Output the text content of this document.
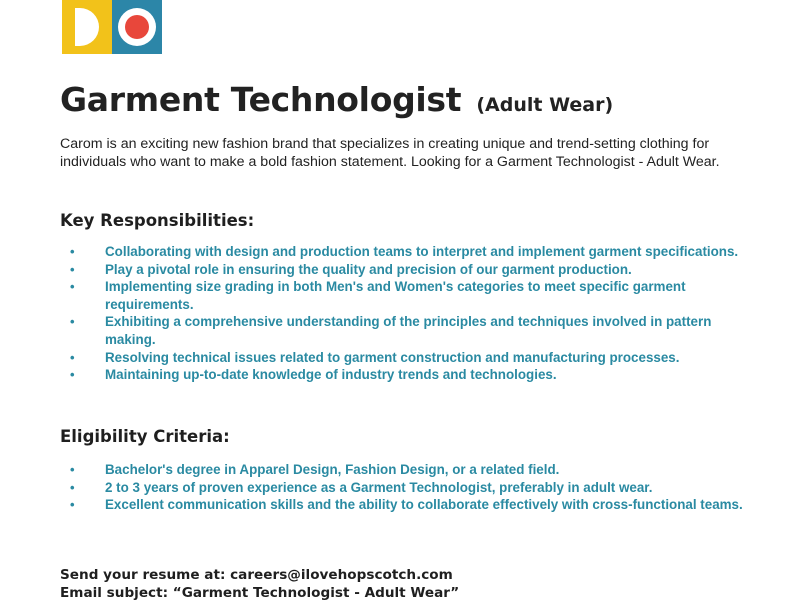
Garment Technologist (Adult Wear)

Carom is an exciting new fashion brand that specializes in creating unique and trend-setting clothing for individuals who want to make a bold fashion statement. Looking for a Garment Technologist - Adult Wear.

Key Responsibilities:
• Collaborating with design and production teams to interpret and implement garment specifications.
• Play a pivotal role in ensuring the quality and precision of our garment production.
• Implementing size grading in both Men's and Women's categories to meet specific garment requirements.
• Exhibiting a comprehensive understanding of the principles and techniques involved in pattern making.
• Resolving technical issues related to garment construction and manufacturing processes.
• Maintaining up-to-date knowledge of industry trends and technologies.
Eligibility Criteria:
• Bachelor's degree in Apparel Design, Fashion Design, or a related field.
• 2 to 3 years of proven experience as a Garment Technologist, preferably in adult wear.
• Excellent communication skills and the ability to collaborate effectively with cross-functional teams.

Send your resume at: careers@ilovehopscotch.com

Email subject: “Garment Technologist - Adult Wear”
